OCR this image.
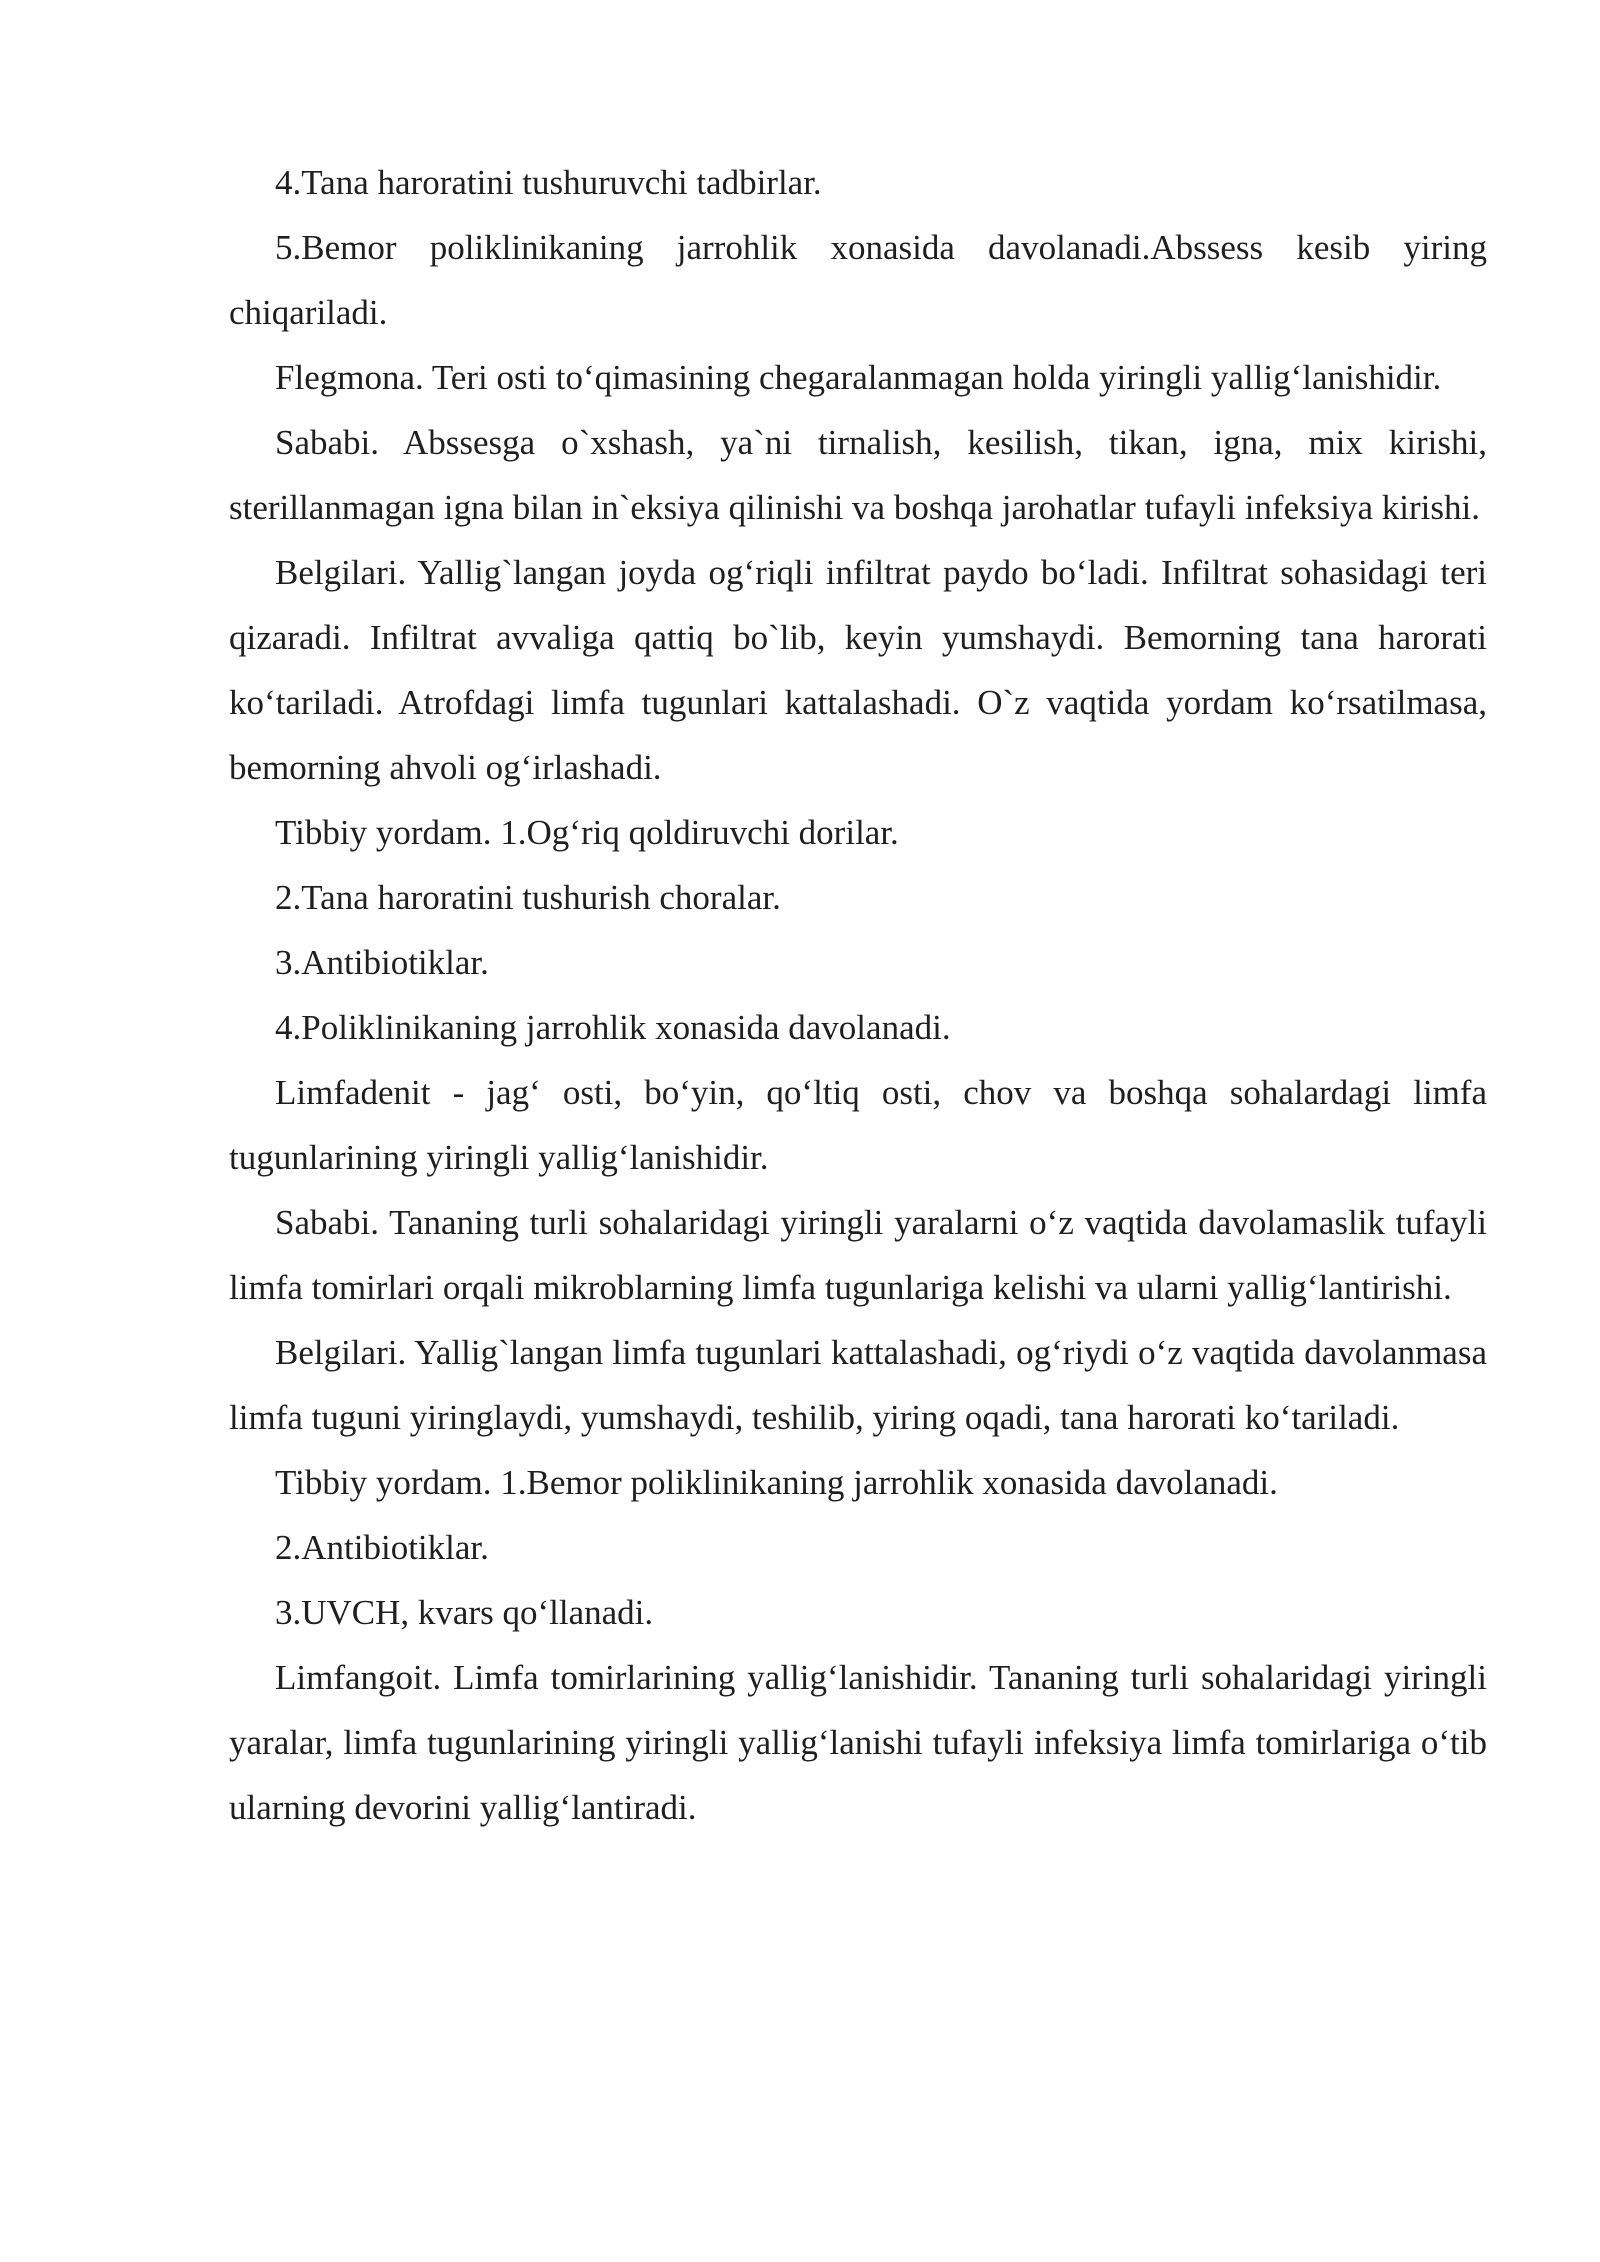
4.Tana haroratini tushuruvchi tadbirlar.

5.Bemor poliklinikaning jarrohlik xonasida davolanadi.Abssess kesib yiring chiqariladi.

Flegmona. Teri osti to‘qimasining chegaralanmagan holda yiringli yallig‘lanishidir.

Sababi. Abssesga o`xshash, ya`ni tirnalish, kesilish, tikan, igna, mix kirishi, sterillanmagan igna bilan in`eksiya qilinishi va boshqa jarohatlar tufayli infeksiya kirishi.

Belgilari. Yallig`langan joyda og‘riqli infiltrat paydo bo‘ladi. Infiltrat sohasidagi teri qizaradi. Infiltrat avvaliga qattiq bo`lib, keyin yumshaydi. Bemorning tana harorati ko‘tariladi. Atrofdagi limfa tugunlari kattalashadi. O`z vaqtida yordam ko‘rsatilmasa, bemorning ahvoli og‘irlashadi.

Tibbiy yordam. 1.Og‘riq qoldiruvchi dorilar.

2.Tana haroratini tushurish choralar.

3.Antibiotiklar.

4.Poliklinikaning jarrohlik xonasida davolanadi.

Limfadenit - jag‘ osti, bo‘yin, qo‘ltiq osti, chov va boshqa sohalardagi limfa tugunlarining yiringli yallig‘lanishidir.

Sababi. Tananing turli sohalaridagi yiringli yaralarni o‘z vaqtida davolamaslik tufayli limfa tomirlari orqali mikroblarning limfa tugunlariga kelishi va ularni yallig‘lantirishi.

Belgilari. Yallig`langan limfa tugunlari kattalashadi, og‘riydi o‘z vaqtida davolanmasa limfa tuguni yiringlaydi, yumshaydi, teshilib, yiring oqadi, tana harorati ko‘tariladi.

Tibbiy yordam. 1.Bemor poliklinikaning jarrohlik xonasida davolanadi.

2.Antibiotiklar.

3.UVCH, kvars qo‘llanadi.

Limfangoit. Limfa tomirlarining yallig‘lanishidir. Tananing turli sohalaridagi yiringli yaralar, limfa tugunlarining yiringli yallig‘lanishi tufayli infeksiya limfa tomirlariga o‘tib ularning devorini yallig‘lantiradi.
